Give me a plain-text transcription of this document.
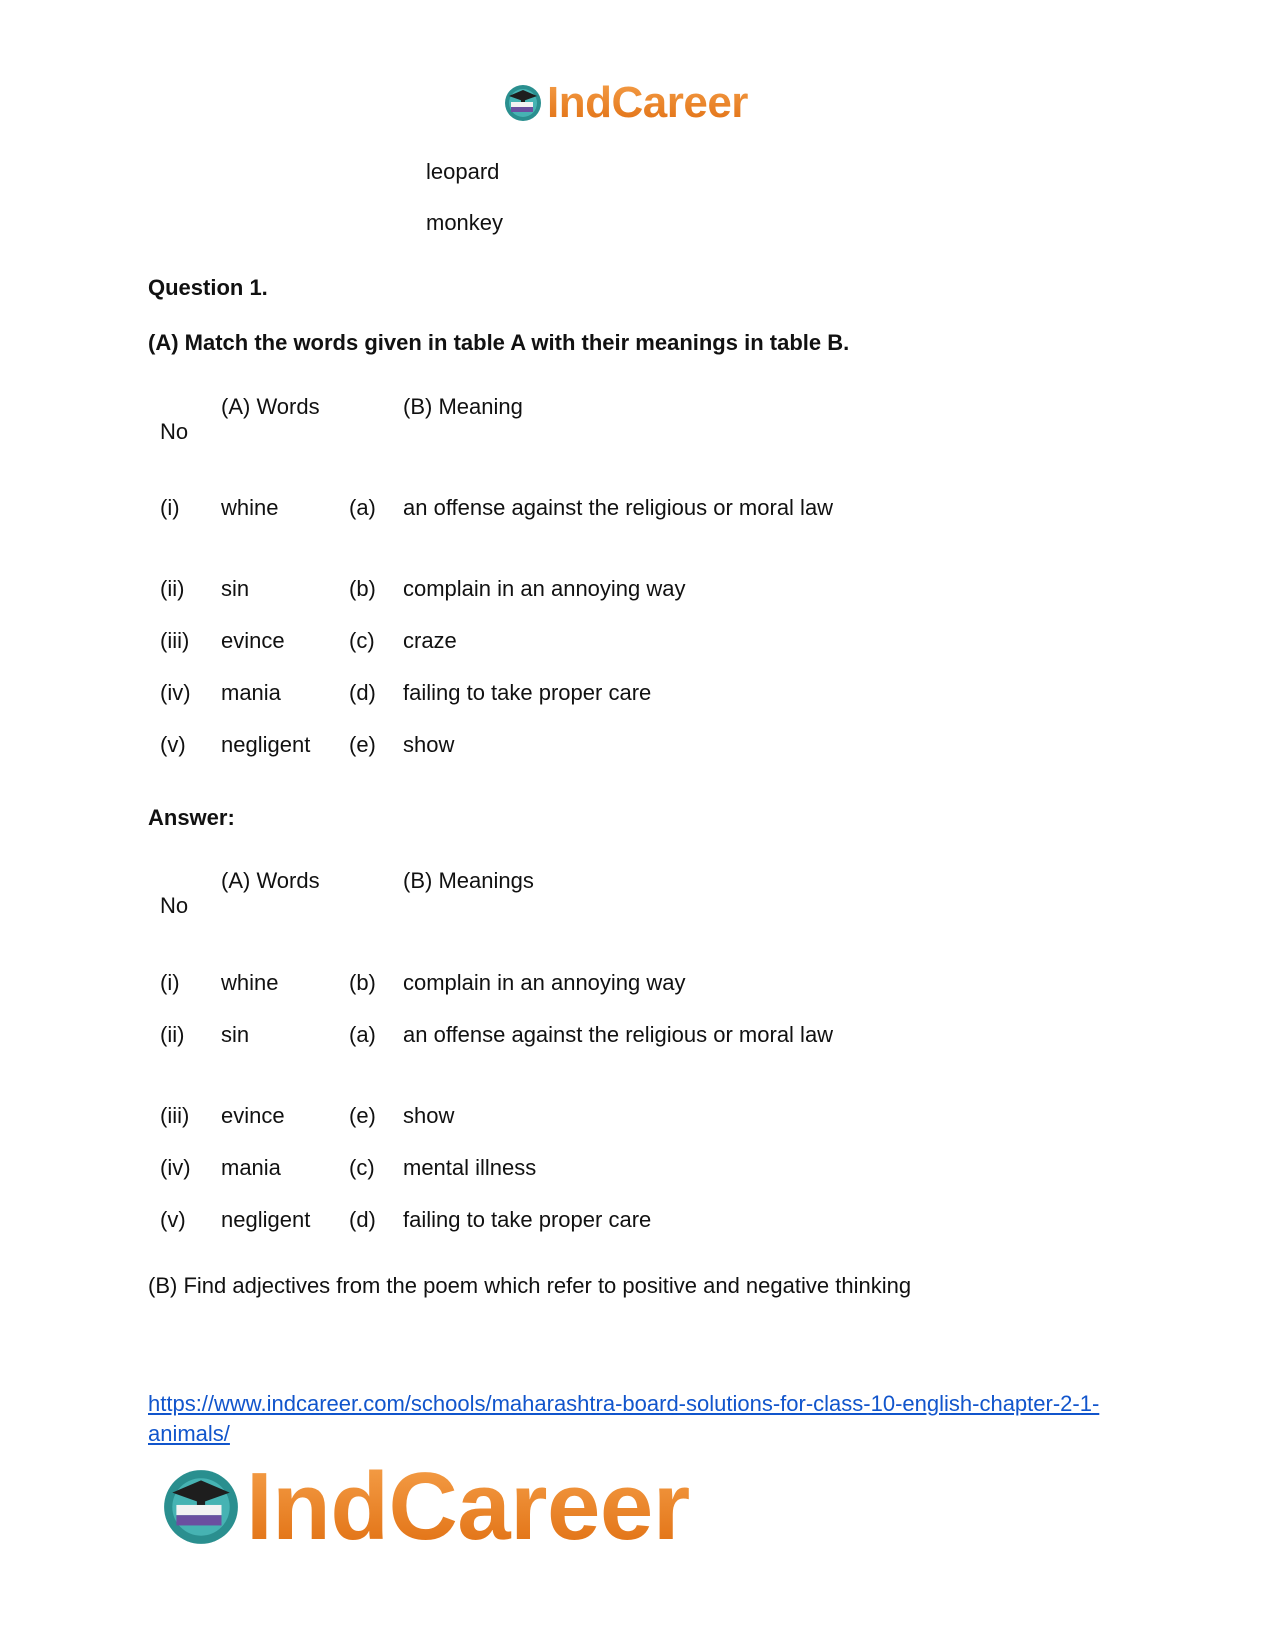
IndCareer
leopard
monkey
Question 1.
(A) Match the words given in table A with their meanings in table B.
(A) Words	(B) Meaning
No
(i) whine	(a) an offense against the religious or moral law
(ii) sin	(b) complain in an annoying way
(iii) evince	(c) craze
(iv) mania	(d) failing to take proper care
(v) negligent (e) show
Answer:
(A) Words	(B) Meanings
No
(i) whine	(b) complain in an annoying way
(ii) sin	(a) an offense against the religious or moral law
(iii) evince	(e) show
(iv) mania	(c) mental illness
(v) negligent (d) failing to take proper care
(B) Find adjectives from the poem which refer to positive and negative thinking
https://www.indcareer.com/schools/maharashtra-board-solutions-for-class-10-english-chapter-2-1-animals/
IndCareer
